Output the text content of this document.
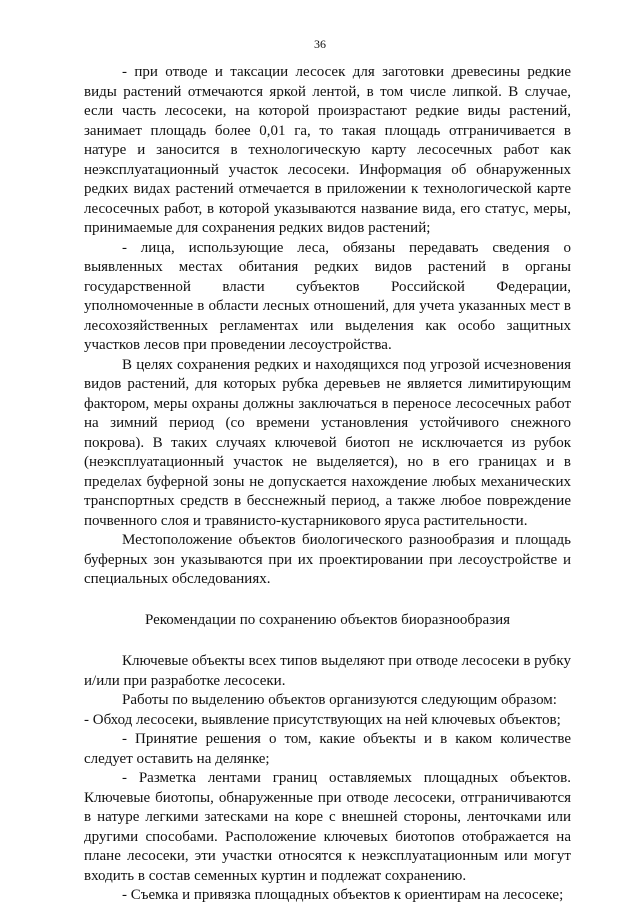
36

- при отводе и таксации лесосек для заготовки древесины редкие виды растений отмечаются яркой лентой, в том числе липкой. В случае, если часть лесосеки, на которой произрастают редкие виды растений, занимает площадь более 0,01 га, то такая площадь отграничивается в натуре и заносится в технологическую карту лесосечных работ как неэксплуатационный участок лесосеки. Информация об обнаруженных редких видах растений отмечается в приложении к технологической карте лесосечных работ, в которой указываются название вида, его статус, меры, принимаемые для сохранения редких видов растений;

- лица, использующие леса, обязаны передавать сведения о выявленных местах обитания редких видов растений в органы государственной власти субъектов Российской Федерации, уполномоченные в области лесных отношений, для учета указанных мест в лесохозяйственных регламентах или выделения как особо защитных участков лесов при проведении лесоустройства.

В целях сохранения редких и находящихся под угрозой исчезновения видов растений, для которых рубка деревьев не является лимитирующим фактором, меры охраны должны заключаться в переносе лесосечных работ на зимний период (со времени установления устойчивого снежного покрова). В таких случаях ключевой биотоп не исключается из рубок (неэксплуатационный участок не выделяется), но в его границах и в пределах буферной зоны не допускается нахождение любых механических транспортных средств в бесснежный период, а также любое повреждение почвенного слоя и травянисто-кустарникового яруса растительности.

Местоположение объектов биологического разнообразия и площадь буферных зон указываются при их проектировании при лесоустройстве и специальных обследованиях.

Рекомендации по сохранению объектов биоразнообразия

Ключевые объекты всех типов выделяют при отводе лесосеки в рубку и/или при разработке лесосеки.

Работы по выделению объектов организуются следующим образом:

- Обход лесосеки, выявление присутствующих на ней ключевых объектов;

- Принятие решения о том, какие объекты и в каком количестве следует оставить на делянке;

- Разметка лентами границ оставляемых площадных объектов. Ключевые биотопы, обнаруженные при отводе лесосеки, отграничиваются в натуре легкими затесками на коре с внешней стороны, ленточками или другими способами. Расположение ключевых биотопов отображается на плане лесосеки, эти участки относятся к неэксплуатационным или могут входить в состав семенных куртин и подлежат сохранению.

- Съемка и привязка площадных объектов к ориентирам на лесосеке;
